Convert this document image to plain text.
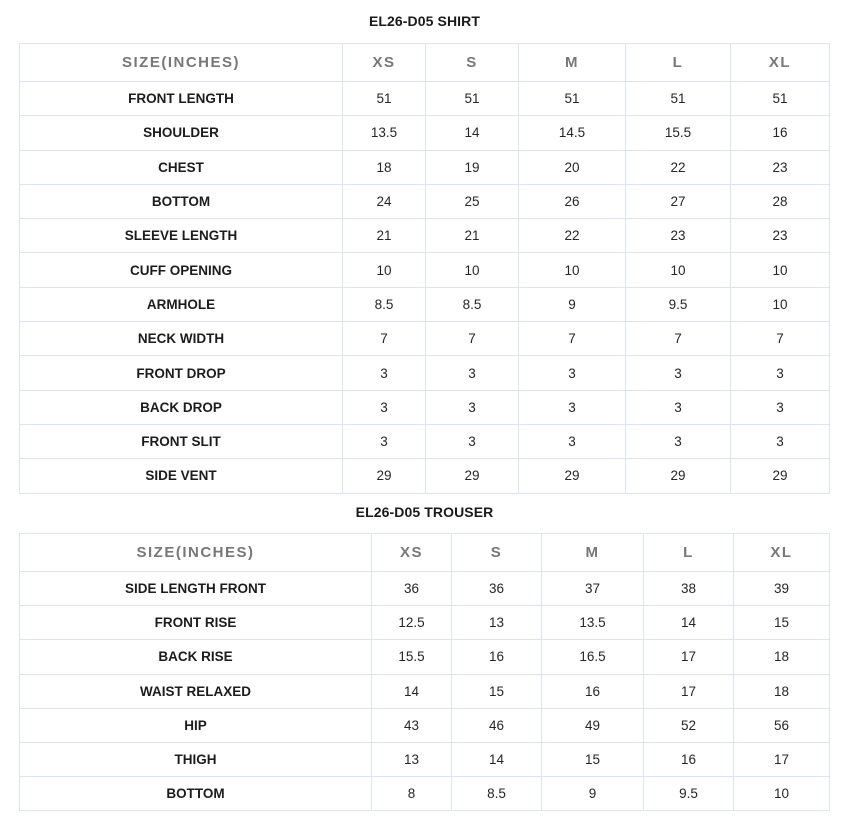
EL26-D05 SHIRT
SIZE(INCHES)	XS	S	M	L	XL
FRONT LENGTH	51	51	51	51	51
SHOULDER	13.5	14	14.5	15.5	16
CHEST	18	19	20	22	23
BOTTOM	24	25	26	27	28
SLEEVE LENGTH	21	21	22	23	23
CUFF OPENING	10	10	10	10	10
ARMHOLE	8.5	8.5	9	9.5	10
NECK WIDTH	7	7	7	7	7
FRONT DROP	3	3	3	3	3
BACK DROP	3	3	3	3	3
FRONT SLIT	3	3	3	3	3
SIDE VENT	29	29	29	29	29
EL26-D05 TROUSER
SIZE(INCHES)	XS	S	M	L	XL
SIDE LENGTH FRONT	36	36	37	38	39
FRONT RISE	12.5	13	13.5	14	15
BACK RISE	15.5	16	16.5	17	18
WAIST RELAXED	14	15	16	17	18
HIP	43	46	49	52	56
THIGH	13	14	15	16	17
BOTTOM	8	8.5	9	9.5	10
